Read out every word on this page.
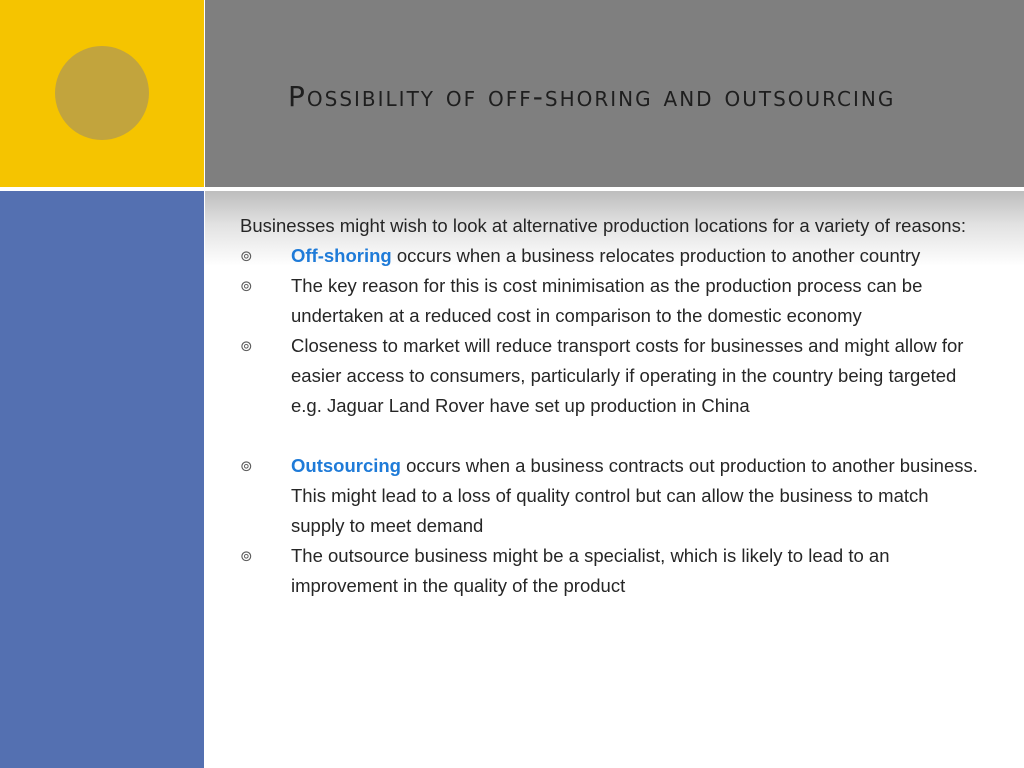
Possibility of off-shoring and outsourcing

Businesses might wish to look at alternative production locations for a variety of reasons:

⊚	Off-shoring occurs when a business relocates production to another country
⊚	The key reason for this is cost minimisation as the production process can be undertaken at a reduced cost in comparison to the domestic economy
⊚	Closeness to market will reduce transport costs for businesses and might allow for easier access to consumers, particularly if operating in the country being targeted e.g. Jaguar Land Rover have set up production in China
⊚	Outsourcing occurs when a business contracts out production to another business. This might lead to a loss of quality control but can allow the business to match supply to meet demand
⊚	The outsource business might be a specialist, which is likely to lead to an improvement in the quality of the product
